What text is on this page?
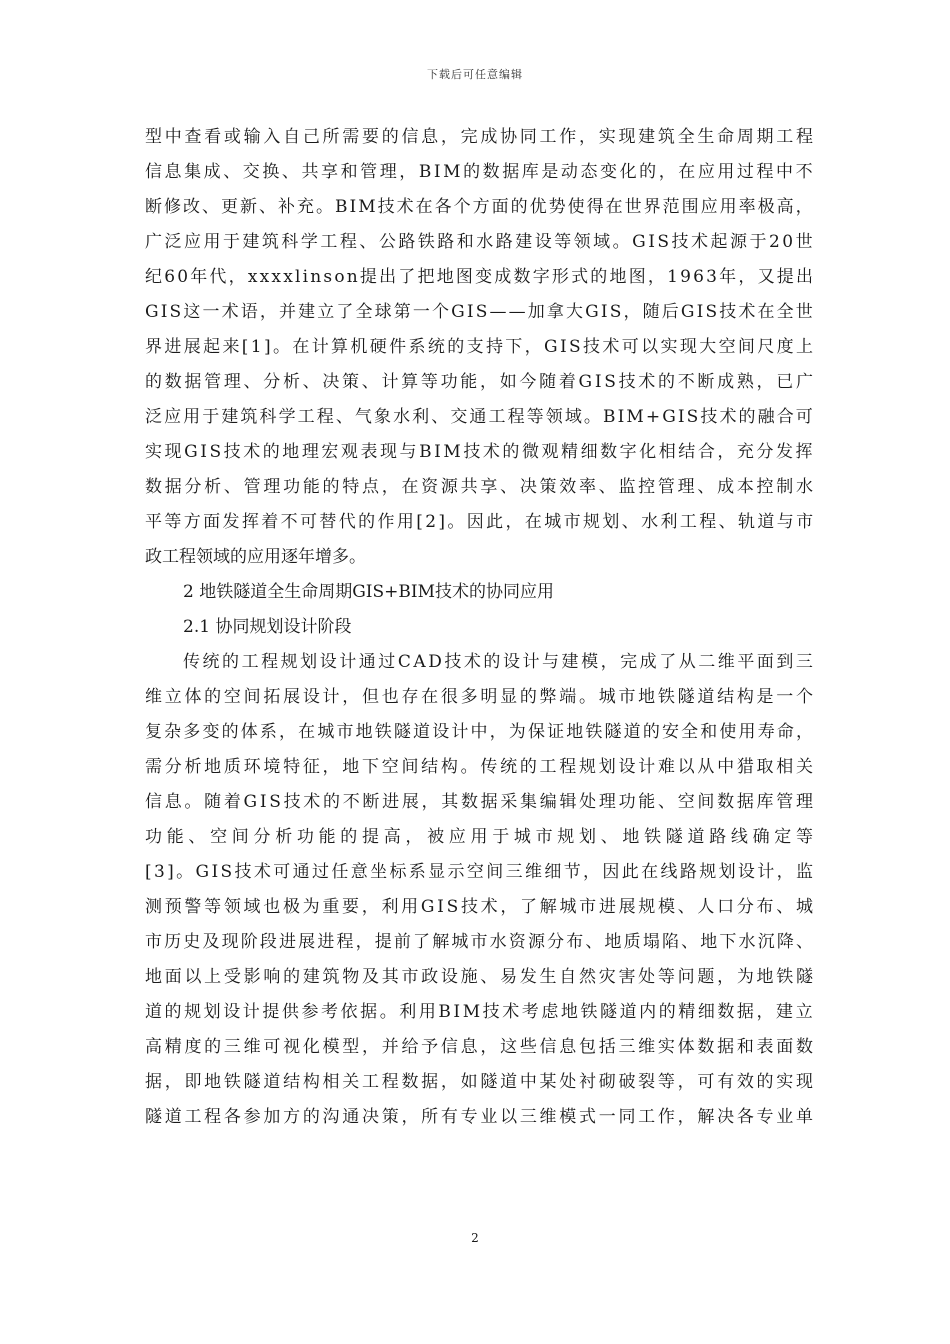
下载后可任意编辑
型中查看或输入自己所需要的信息，完成协同工作，实现建筑全生命周期工程
信息集成、交换、共享和管理，BIM的数据库是动态变化的，在应用过程中不
断修改、更新、补充。BIM技术在各个方面的优势使得在世界范围应用率极高，
广泛应用于建筑科学工程、公路铁路和水路建设等领域。GIS技术起源于20世
纪60年代，xxxxlinson提出了把地图变成数字形式的地图，1963年，又提出
GIS这一术语，并建立了全球第一个GIS——加拿大GIS，随后GIS技术在全世
界进展起来[1]。在计算机硬件系统的支持下，GIS技术可以实现大空间尺度上
的数据管理、分析、决策、计算等功能，如今随着GIS技术的不断成熟，已广
泛应用于建筑科学工程、气象水利、交通工程等领域。BIM+GIS技术的融合可
实现GIS技术的地理宏观表现与BIM技术的微观精细数字化相结合，充分发挥
数据分析、管理功能的特点，在资源共享、决策效率、监控管理、成本控制水
平等方面发挥着不可替代的作用[2]。因此，在城市规划、水利工程、轨道与市
政工程领域的应用逐年增多。
2 地铁隧道全生命周期GIS+BIM技术的协同应用
2.1 协同规划设计阶段
传统的工程规划设计通过CAD技术的设计与建模，完成了从二维平面到三
维立体的空间拓展设计，但也存在很多明显的弊端。城市地铁隧道结构是一个
复杂多变的体系，在城市地铁隧道设计中，为保证地铁隧道的安全和使用寿命，
需分析地质环境特征，地下空间结构。传统的工程规划设计难以从中猎取相关
信息。随着GIS技术的不断进展，其数据采集编辑处理功能、空间数据库管理
功能、空间分析功能的提高，被应用于城市规划、地铁隧道路线确定等
[3]。GIS技术可通过任意坐标系显示空间三维细节，因此在线路规划设计，监
测预警等领域也极为重要，利用GIS技术，了解城市进展规模、人口分布、城
市历史及现阶段进展进程，提前了解城市水资源分布、地质塌陷、地下水沉降、
地面以上受影响的建筑物及其市政设施、易发生自然灾害处等问题，为地铁隧
道的规划设计提供参考依据。利用BIM技术考虑地铁隧道内的精细数据，建立
高精度的三维可视化模型，并给予信息，这些信息包括三维实体数据和表面数
据，即地铁隧道结构相关工程数据，如隧道中某处衬砌破裂等，可有效的实现
隧道工程各参加方的沟通决策，所有专业以三维模式一同工作，解决各专业单
2
